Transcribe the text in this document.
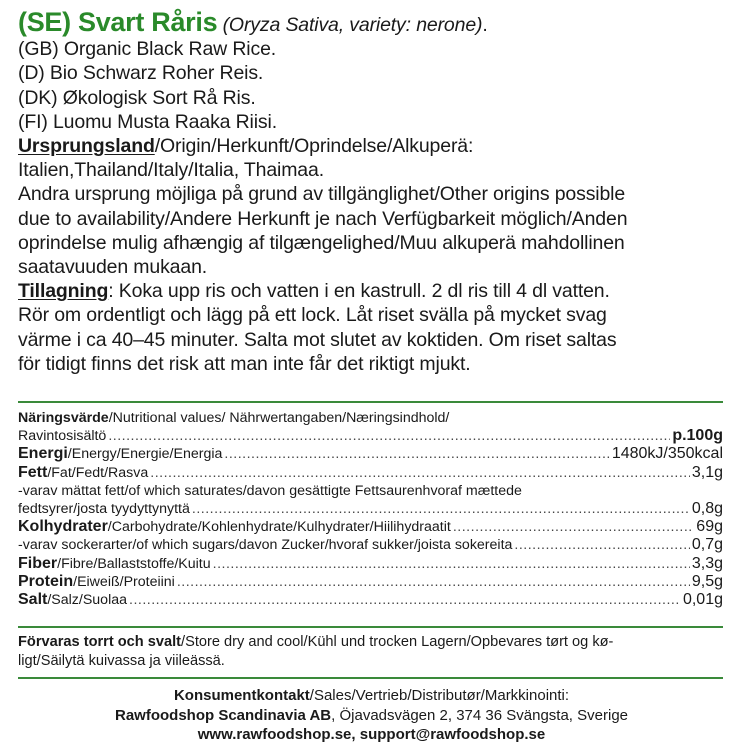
(SE) Svart Råris (Oryza Sativa, variety: nerone).

(GB) Organic Black Raw Rice.

(D) Bio Schwarz Roher Reis.

(DK) Økologisk Sort Rå Ris.

(FI) Luomu Musta Raaka Riisi.

Ursprungsland/Origin/Herkunft/Oprindelse/Alkuperä:

Italien,Thailand/Italy/Italia, Thaimaa.

Andra ursprung möjliga på grund av tillgänglighet/Other origins possible

due to availability/Andere Herkunft je nach Verfügbarkeit möglich/Anden

oprindelse mulig afhængig af tilgængelighed/Muu alkuperä mahdollinen

saatavuuden mukaan.

Tillagning: Koka upp ris och vatten i en kastrull. 2 dl ris till 4 dl vatten.

Rör om ordentligt och lägg på ett lock. Låt riset svälla på mycket svag

värme i ca 40–45 minuter. Salta mot slutet av koktiden. Om riset saltas

för tidigt finns det risk att man inte får det riktigt mjukt.

Näringsvärde/Nutritional values/ Nährwertangaben/Næringsindhold/
Ravintosisältö .....	p.100g
Energi/Energy/Energie/Energia .....	1480kJ/350kcal
Fett/Fat/Fedt/Rasva .....	3,1g
-varav mättat fett/of which saturates/davon gesättigte Fettsaurenhvoraf mættede
fedtsyrer/josta tyydyttynyttä .....	0,8g
Kolhydrater/Carbohydrate/Kohlenhydrate/Kulhydrater/Hiilihydraatit .....	69g
-varav sockerarter/of which sugars/davon Zucker/hvoraf sukker/joista sokereita .....	0,7g
Fiber/Fibre/Ballaststoffe/Kuitu .....	3,3g
Protein/Eiweiß/Proteiini .....	9,5g
Salt/Salz/Suolaa .....	0,01g
Förvaras torrt och svalt/Store dry and cool/Kühl und trocken Lagern/Opbevares tørt og kø-
ligt/Säilytä kuivassa ja viileässä.
Konsumentkontakt/Sales/Vertrieb/Distributør/Markkinointi:
Rawfoodshop Scandinavia AB, Öjavadsvägen 2, 374 36 Svängsta, Sverige
www.rawfoodshop.se, support@rawfoodshop.se
